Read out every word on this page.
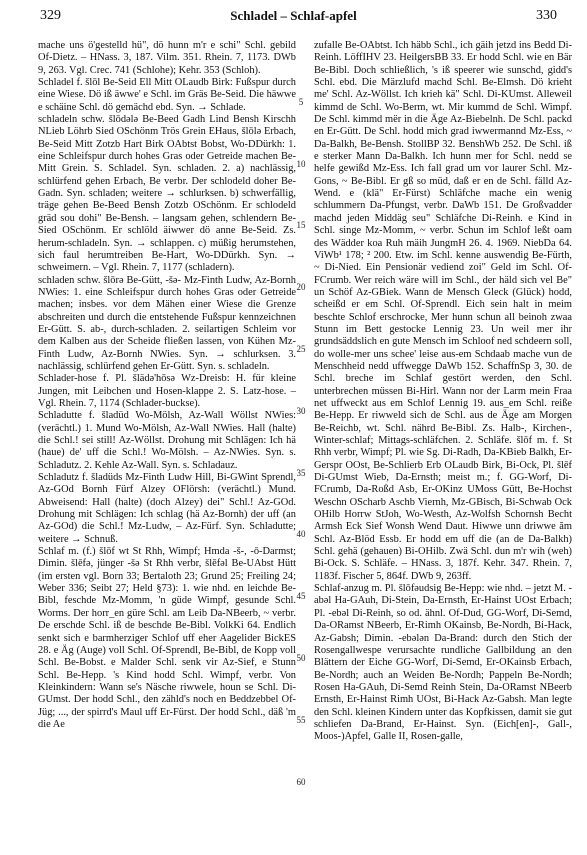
329	Schladel – Schlaf-apfel	330

mache uns ö'gestelld hü", dö hunn m'r e schi" Schl. gebild Of-Dietz. – HNass. 3, 187. Vilm. 351. Rhein. 7, 1173. DWb 9, 263. Vgl. Crec. 741 (Schlohe); Kehr. 353 (Schloh).

Schladel f. šlōl Be-Seid Ell Mitt OLaudb Birk: Fußspur durch eine Wiese. Dö iß äwwe' e Schl. im Gräs Be-Seid. Die häwwe e schäine Schl. dö gemächd ebd. Syn. → Schlade.

schladeln schw. šlōdəlǝ Be-Beed Gadh Lind Bensh Kirschh NLieb Löhrb Sied OSchönm Trös Grein EHaus, šlōlǝ Erbach, Be-Seid Mitt Zotzb Hart Birk OAbtst Bobst, Wo-DDürkh: 1. eine Schleifspur durch hohes Gras oder Getreide machen Be-Mitt Grein. S. Schladel. Syn. schladen. 2. a) nachlässig, schlürfend gehen Erbach, Be verbr. Der schlodeld doher Be-Gadn. Syn. schladen; weitere → schlurksen. b) schwerfällig, träge gehen Be-Beed Bensh Zotzb OSchönm. Er schlodeld gräd sou dohi" Be-Bensh. – langsam gehen, schlendern Be-Sied OSchönm. Er schlöld äiwwer dö anne Be-Seid. Zs. herum-schladeln. Syn. → schlappen. c) müßig herumstehen, sich faul herumtreiben Be-Hart, Wo-DDürkh. Syn. → schweimern. – Vgl. Rhein. 7, 1177 (schladern).

schladen schw. šlōrǝ Be-Gütt, -šǝ- Mz-Finth Ludw, Az-Bornh NWies: 1. eine Schleifspur durch hohes Gras oder Getreide machen; insbes. vor dem Mähen einer Wiese die Grenze abschreiten und durch die entstehende Fußspur kennzeichnen Er-Gütt. S. ab-, durch-schladen. 2. seilartigen Schleim vor dem Kalben aus der Scheide fließen lassen, von Kühen Mz-Finth Ludw, Az-Bornh NWies. Syn. → schlurksen. 3. nachlässig, schlürfend gehen Er-Gütt. Syn. s. schladeln.

Schlader-hose f. Pl. šlädǝ'hōsǝ Wz-Dreisb: H. für kleine Jungen, mit Leibchen und Hosen-klappe 2. S. Latz-hose. – Vgl. Rhein. 7, 1174 (Schlader-buckse).

Schladutte f. šladüd Wo-Mölsh, Az-Wall Wöllst NWies: (verächtl.) 1. Mund Wo-Mölsh, Az-Wall NWies. Hall (halte) die Schl.! sei still! Az-Wöllst. Drohung mit Schlägen: Ich hä (haue) de' uff die Schl.! Wo-Mölsh. – Az-NWies. Syn. s. Schladutz. 2. Kehle Az-Wall. Syn. s. Schladauz.

Schladutz f. šladüds Mz-Finth Ludw Hill, Bi-GWint Sprendl, Az-GOd Bornh Fürf Alzey OFlörsh: (verächtl.) Mund. Abweisend: Hall (halte) (doch Alzey) dei" Schl.! Az-GOd. Drohung mit Schlägen: Ich schlag (hä Az-Bornh) der uff (an Az-GOd) die Schl.! Mz-Ludw, – Az-Fürf. Syn. Schladutte; weitere → Schnuß.

Schlaf m. (f.) šlōf wt St Rhh, Wimpf; Hmda -š-, -ō-Darmst; Dimin. šlēfǝ, jünger -šǝ St Rhh verbr, šlēfǝl Be-UAbst Hütt (im ersten vgl. Born 33; Bertaloth 23; Grund 25; Freiling 24; Weber 336; Seibt 27; Held §73): 1. wie nhd. en leichde Be-Bibl, feschde Mz-Momm, 'n güde Wimpf, gesunde Schl. Worms. Der horr_en güre Schl. am Leib Da-NBeerb, ~ verbr. De erschde Schl. iß de beschde Be-Bibl. VolkKi 64. Endlich senkt sich e barmherziger Schlof uff eher Aagelider BickES 28. e Äg (Auge) voll Schl. Of-Sprendl, Be-Bibl, de Kopp voll Schl. Be-Bobst. e Malder Schl. senk vir Az-Sief, e Stunn Schl. Be-Hepp. 's Kind hodd Schl. Wimpf, verbr. Von Kleinkindern: Wann se's Näsche riwwele, houn se Schl. Di-GUmst. Der hodd Schl., den zähld's noch en Beddzebbel Of-Jüg; ..., der spirrd's Maul uff Er-Fürst. Der hodd Schl., däß 'm die Ae

zufalle Be-OAbtst. Ich häbb Schl., ich gäih jetzd ins Bedd Di-Reinh. LöffIHV 23. HeilgersBB 33. Er hodd Schl. wie en Bär Be-Bibl. Doch schließlich, 's iß speerer wie sunschd, gidd's Schl. ebd. Die Märzlufd machd Schl. Be-Elmsh. Dö krieht me' Schl. Az-Wöllst. Ich krieh kä" Schl. Di-KUmst. Alleweil kimmd de Schl. Wo-Berm, wt. Mir kummd de Schl. Wimpf. De Schl. kimmd mër in die Äge Az-Biebelnh. De Schl. packd en Er-Gütt. De Schl. hodd mich grad iwwermannd Mz-Ess, ~ Da-Balkh, Be-Bensh. StollBP 32. BenshWb 252. De Schl. iß e sterker Mann Da-Balkh. Ich hunn mer for Schl. nedd se helfe gewißd Mz-Ess. Ich fall grad um vor laurer Schl. Mz-Gons, ~ Be-Bibl. Er gß so müd, daß er en de Schl. fälld Az-Wend. e (klä" Er-Fürst) Schläfche mache ein wenig schlummern Da-Pfungst, verbr. DaWb 151. De Großvadder machd jeden Middäg seu" Schläfche Di-Reinh. e Kind in Schl. singe Mz-Momm, ~ verbr. Schun im Schlof leßt oam des Wädder koa Ruh mäih JungmH 26. 4. 1969. NiebDa 64. ViWb¹ 178; ² 200. Etw. im Schl. kenne auswendig Be-Fürth, ~ Di-Nied. Ein Pensionär vediend zoi" Geld im Schl. Of-FCrumb. Wer reich wäre will im Schl., der häld sich vel Be" un Schöf Az-GBiek. Wann de Mensch Gleck (Glück) hodd, scheißd er em Schl. Of-Sprendl. Eich sein halt in meim beschte Schlof erschrocke, Mer hunn schun all beinoh zwaa Stunn im Bett gestocke Lennig 23. Un weil mer ihr grundsäddslich en gute Mensch im Schloof ned schdeern soll, do wolle-mer uns schee' leise aus-em Schdaab mache vun de Menschheid nedd uffwegge DaWb 152. SchaffnSp 3, 30. de Schl. breche im Schlaf gestört werden, den Schl. unterbrechen müssen Bi-Hirl. Wann nor der Larm mein Fraa net uffweckt aus em Schlof Lennig 19. aus_em Schl. reiße Be-Hepp. Er riwweld sich de Schl. aus de Äge am Morgen Be-Reichb, wt. Schl. nährd Be-Bibl. Zs. Halb-, Kirchen-, Winter-schlaf; Mittags-schläfchen. 2. Schläfe. šlōf m. f. St Rhh verbr, Wimpf; Pl. wie Sg. Di-Radh, Da-KBieb Balkh, Er-Gerspr OOst, Be-Schlierb Erb OLaudb Birk, Bi-Ock, Pl. šlēf Di-GUmst Wieb, Da-Ernsth; meist m.; f. GG-Worf, Di-FCrumb, Da-Roßd Asb, Er-OKinz UMoss Gütt, Be-Hochst Weschn OScharb Aschb Viernh, Mz-GBisch, Bi-Schwab Ock OHilb Horrw StJoh, Wo-Westh, Az-Wolfsh Schornsh Becht Armsh Eck Sief Wonsh Wend Daut. Hiwwe unn driwwe ăm Schl. Az-Blöd Essb. Er hodd em uff die (an de Da-Balkh) Schl. gehä (gehauen) Bi-OHilb. Zwä Schl. dun m'r wih (weh) Bi-Ock. S. Schläfe. – HNass. 3, 187f. Kehr. 347. Rhein. 7, 1183f. Fischer 5, 864f. DWb 9, 263ff.

Schlaf-anzug m. Pl. šlōfǝudsig Be-Hepp: wie nhd. – jetzt M. -abǝl Ha-GAuh, Di-Stein, Da-Ernsth, Er-Hainst UOst Erbach; Pl. -ebǝl Di-Reinh, so od. ähnl. Of-Dud, GG-Worf, Di-Semd, Da-ORamst NBeerb, Er-Rimh OKainsb, Be-Nordh, Bi-Hack, Az-Gabsh; Dimin. -ebǝlǝn Da-Brand: durch den Stich der Rosengallwespe verursachte rundliche Gallbildung an den Blättern der Eiche GG-Worf, Di-Semd, Er-OKainsb Erbach, Be-Nordh; auch an Weiden Be-Nordh; Pappeln Be-Nordh; Rosen Ha-GAuh, Di-Semd Reinh Stein, Da-ORamst NBeerb Ernsth, Er-Hainst Rimh UOst, Bi-Hack Az-Gabsh. Man legte den Schl. kleinen Kindern unter das Kopfkissen, damit sie gut schliefen Da-Brand, Er-Hainst. Syn. (Eich[en]-, Gall-, Moos-)Apfel, Galle II, Rosen-galle,

5
10
15
20
25
30
35
40
45
50
55
60
